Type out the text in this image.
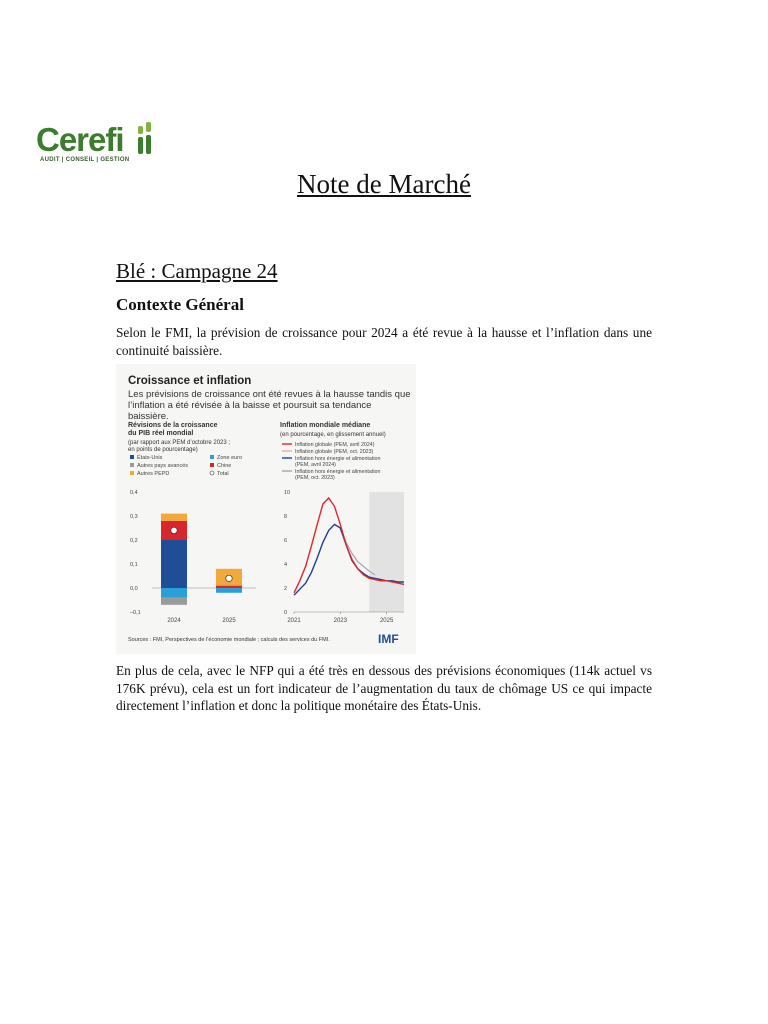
Cerefi
AUDIT | CONSEIL | GESTION
Note de Marché
Blé : Campagne 24
Contexte Général
Selon le FMI, la prévision de croissance pour 2024 a été revue à la hausse et l’inflation dans une continuité baissière.
Croissance et inflation
Les prévisions de croissance ont été revues à la hausse tandis que l’inflation a été révisée à la baisse et poursuit sa tendance baissière.
Révisions de la croissance
du PIB réel mondial
(par rapport aux PEM d’octobre 2023 ;
en points de pourcentage)
États-Unis	Zone euro
Autres pays avancés	Chine
Autres PEPD	Total
0,4
0,3
0,2
0,1
0,0
–0,1
2024	2025
Inflation mondiale médiane
(en pourcentage, en glissement annuel)
Inflation globale (PEM, avril 2024)
Inflation globale (PEM, oct. 2023)
Inflation hors énergie et alimentation
(PEM, avril 2024)
Inflation hors énergie et alimentation
(PEM, oct. 2023)
10
8
6
4
2
0
2021	2023	2025
Sources : FMI, Perspectives de l’économie mondiale ; calculs des services du FMI.	IMF
En plus de cela, avec le NFP qui a été très en dessous des prévisions économiques (114k actuel vs 176K prévu), cela est un fort indicateur de l’augmentation du taux de chômage US ce qui impacte directement l’inflation et donc la politique monétaire des États-Unis.
